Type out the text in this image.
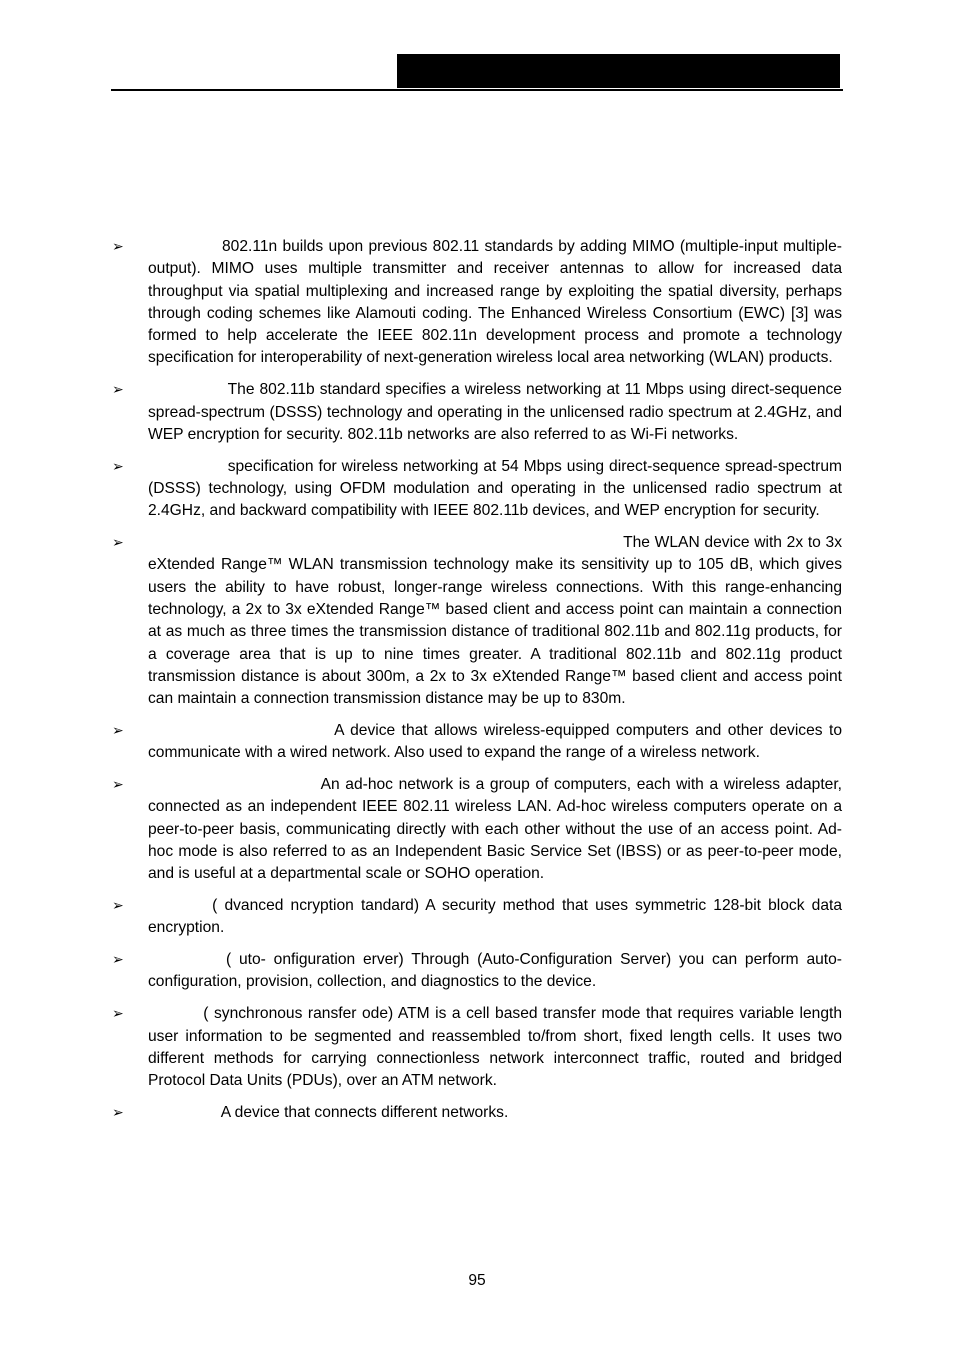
➢	802.11n builds upon previous 802.11 standards by adding MIMO (multiple-input multiple-output). MIMO uses multiple transmitter and receiver antennas to allow for increased data throughput via spatial multiplexing and increased range by exploiting the spatial diversity, perhaps through coding schemes like Alamouti coding. The Enhanced Wireless Consortium (EWC) [3] was formed to help accelerate the IEEE 802.11n development process and promote a technology specification for interoperability of next-generation wireless local area networking (WLAN) products.
➢	The 802.11b standard specifies a wireless networking at 11 Mbps using direct-sequence spread-spectrum (DSSS) technology and operating in the unlicensed radio spectrum at 2.4GHz, and WEP encryption for security. 802.11b networks are also referred to as Wi-Fi networks.
➢	specification for wireless networking at 54 Mbps using direct-sequence spread-spectrum (DSSS) technology, using OFDM modulation and operating in the unlicensed radio spectrum at 2.4GHz, and backward compatibility with IEEE 802.11b devices, and WEP encryption for security.
➢	The WLAN device with 2x to 3x eXtended Range™ WLAN transmission technology make its sensitivity up to 105 dB, which gives users the ability to have robust, longer-range wireless connections. With this range-enhancing technology, a 2x to 3x eXtended Range™ based client and access point can maintain a connection at as much as three times the transmission distance of traditional 802.11b and 802.11g products, for a coverage area that is up to nine times greater. A traditional 802.11b and 802.11g product transmission distance is about 300m, a 2x to 3x eXtended Range™ based client and access point can maintain a connection transmission distance may be up to 830m.
➢	A device that allows wireless-equipped computers and other devices to communicate with a wired network. Also used to expand the range of a wireless network.
➢	An ad-hoc network is a group of computers, each with a wireless adapter, connected as an independent IEEE 802.11 wireless LAN. Ad-hoc wireless computers operate on a peer-to-peer basis, communicating directly with each other without the use of an access point. Ad-hoc mode is also referred to as an Independent Basic Service Set (IBSS) or as peer-to-peer mode, and is useful at a departmental scale or SOHO operation.
➢	( dvanced ncryption tandard) A security method that uses symmetric 128-bit block data encryption.
➢	( uto- onfiguration erver) Through (Auto-Configuration Server) you can perform auto-configuration, provision, collection, and diagnostics to the device.
➢	( synchronous ransfer ode) ATM is a cell based transfer mode that requires variable length user information to be segmented and reassembled to/from short, fixed length cells. It uses two different methods for carrying connectionless network interconnect traffic, routed and bridged Protocol Data Units (PDUs), over an ATM network.
➢	A device that connects different networks.
95
